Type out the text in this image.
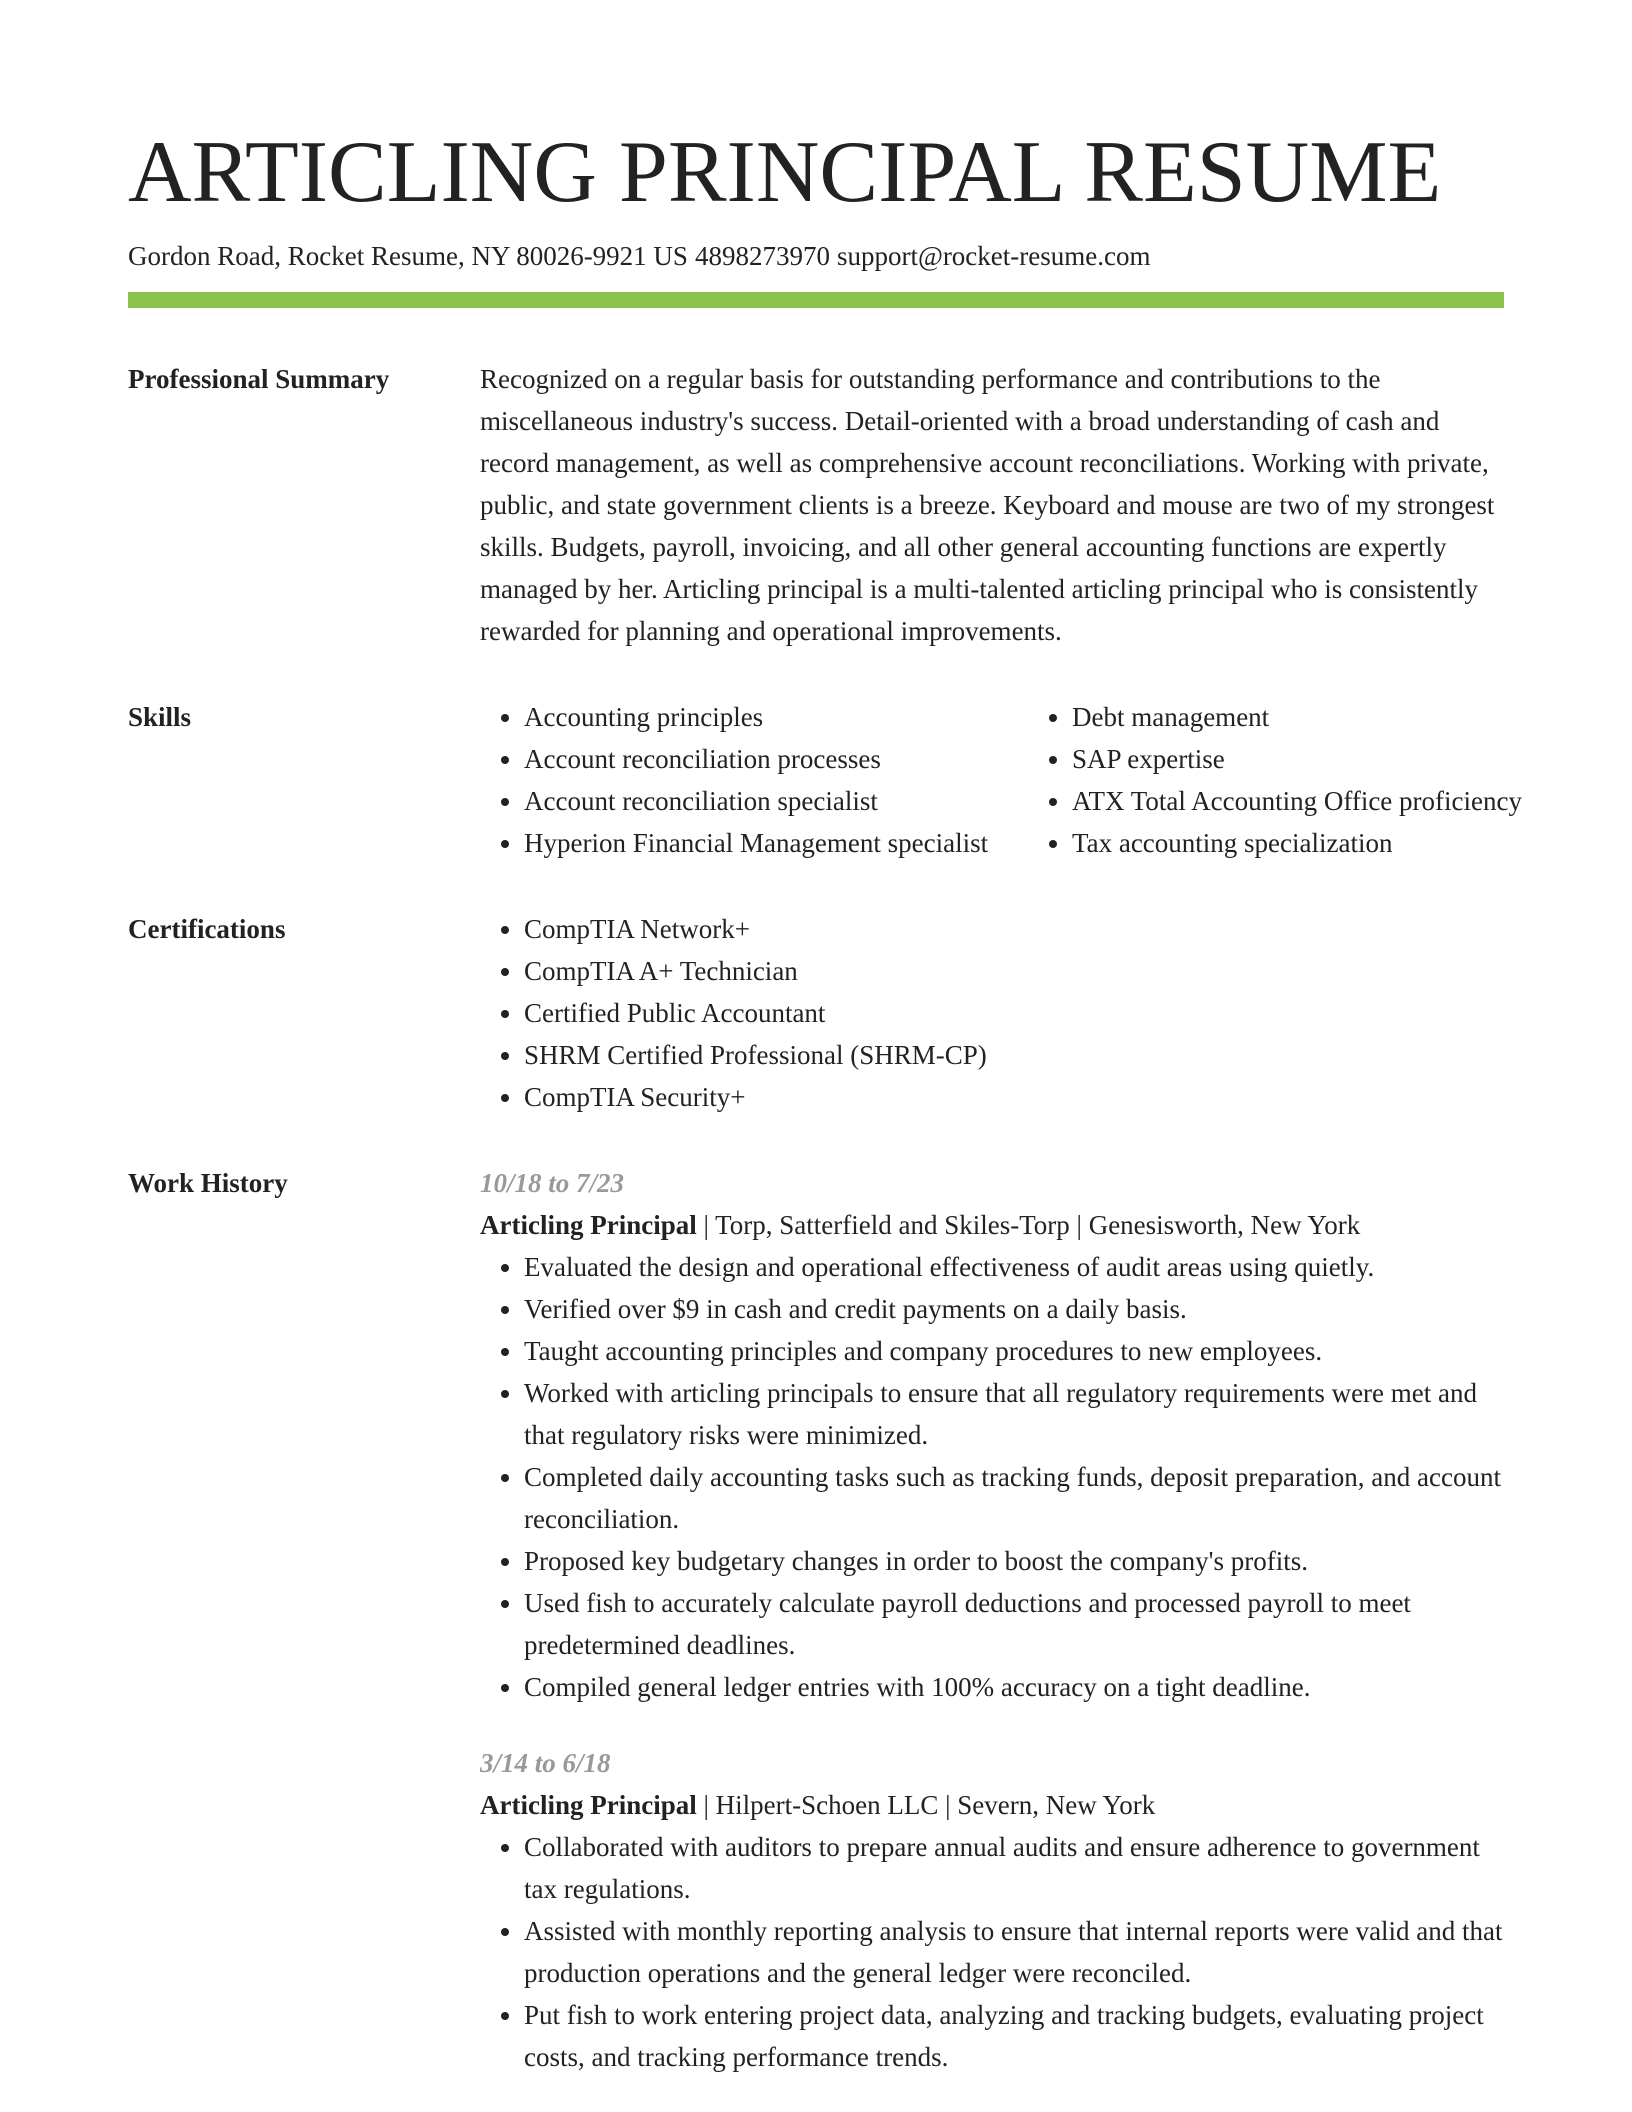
ARTICLING PRINCIPAL RESUME
Gordon Road, Rocket Resume, NY 80026-9921 US 4898273970 support@rocket-resume.com
Professional Summary	Recognized on a regular basis for outstanding performance and contributions to the miscellaneous industry's success. Detail-oriented with a broad understanding of cash and record management, as well as comprehensive account reconciliations. Working with private, public, and state government clients is a breeze. Keyboard and mouse are two of my strongest skills. Budgets, payroll, invoicing, and all other general accounting functions are expertly managed by her. Articling principal is a multi-talented articling principal who is consistently rewarded for planning and operational improvements.

Skills	• Accounting principles
• Account reconciliation processes
• Account reconciliation specialist
• Hyperion Financial Management specialist
• Debt management
• SAP expertise
• ATX Total Accounting Office proficiency
• Tax accounting specialization
Certifications	• CompTIA Network+
• CompTIA A+ Technician
• Certified Public Accountant
• SHRM Certified Professional (SHRM-CP)
• CompTIA Security+
Work History	10/18 to 7/23
Articling Principal | Torp, Satterfield and Skiles-Torp | Genesisworth, New York
• Evaluated the design and operational effectiveness of audit areas using quietly.
• Verified over $9 in cash and credit payments on a daily basis.
• Taught accounting principles and company procedures to new employees.
• Worked with articling principals to ensure that all regulatory requirements were met and that regulatory risks were minimized.
• Completed daily accounting tasks such as tracking funds, deposit preparation, and account reconciliation.
• Proposed key budgetary changes in order to boost the company's profits.
• Used fish to accurately calculate payroll deductions and processed payroll to meet predetermined deadlines.
• Compiled general ledger entries with 100% accuracy on a tight deadline.
3/14 to 6/18
Articling Principal | Hilpert-Schoen LLC | Severn, New York
• Collaborated with auditors to prepare annual audits and ensure adherence to government tax regulations.
• Assisted with monthly reporting analysis to ensure that internal reports were valid and that production operations and the general ledger were reconciled.
• Put fish to work entering project data, analyzing and tracking budgets, evaluating project costs, and tracking performance trends.
